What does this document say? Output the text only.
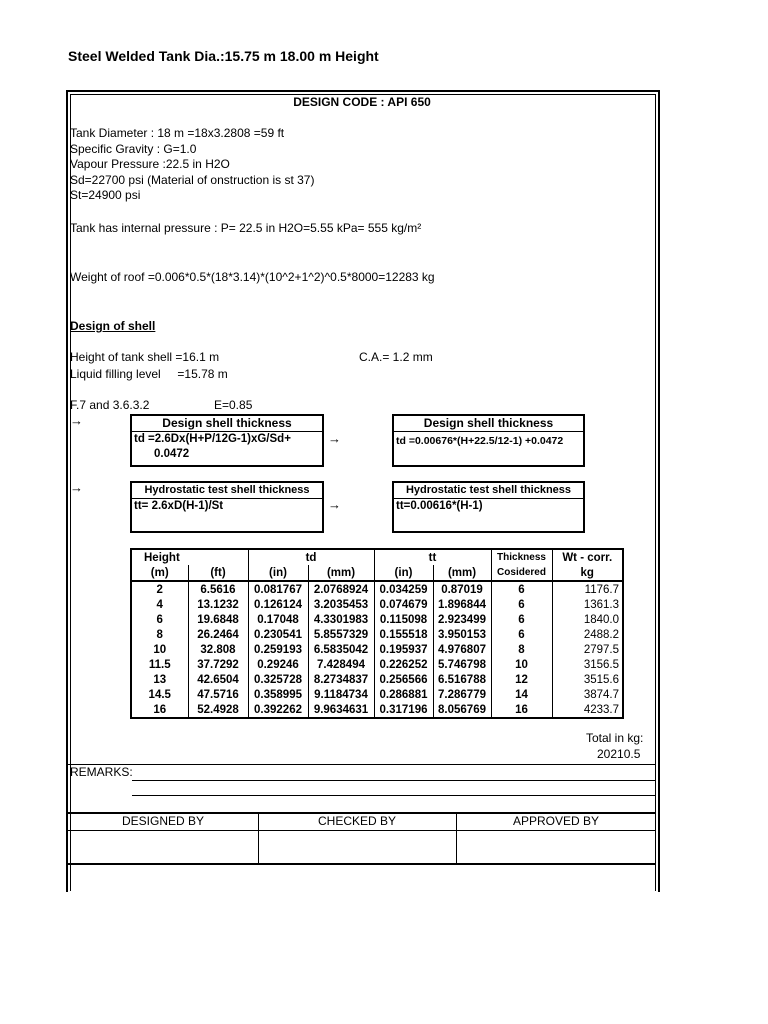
Steel Welded Tank Dia.:15.75 m 18.00 m Height
DESIGN CODE : API 650
Tank Diameter : 18 m =18x3.2808 =59 ft
Specific Gravity : G=1.0
Vapour Pressure :22.5 in H2O
Sd=22700 psi (Material of onstruction is st 37)
St=24900 psi
Tank has internal pressure : P= 22.5 in H2O=5.55 kPa= 555 kg/m²
Weight of roof =0.006*0.5*(18*3.14)*(10^2+1^2)^0.5*8000=12283 kg
Design of shell
Height of tank shell =16.1 m	C.A.= 1.2 mm
Liquid filling level     =15.78 m
F.7 and 3.6.3.2	E=0.85
→
→
→
→
Design shell thickness
td =2.6Dx(H+P/12G-1)xG/Sd+
0.0472
Design shell thickness
td =0.00676*(H+22.5/12-1) +0.0472
Hydrostatic test shell thickness
tt= 2.6xD(H-1)/St
Hydrostatic test shell thickness
tt=0.00616*(H-1)
Height		td		tt		Thickness	Wt - corr.
(m)	(ft)	(in)	(mm)	(in)	(mm)	Cosidered	kg
2	6.5616	0.081767	2.0768924	0.034259	0.87019	6	1176.7
4	13.1232	0.126124	3.2035453	0.074679	1.896844	6	1361.3
6	19.6848	0.17048	4.3301983	0.115098	2.923499	6	1840.0
8	26.2464	0.230541	5.8557329	0.155518	3.950153	6	2488.2
10	32.808	0.259193	6.5835042	0.195937	4.976807	8	2797.5
11.5	37.7292	0.29246	7.428494	0.226252	5.746798	10	3156.5
13	42.6504	0.325728	8.2734837	0.256566	6.516788	12	3515.6
14.5	47.5716	0.358995	9.1184734	0.286881	7.286779	14	3874.7
16	52.4928	0.392262	9.9634631	0.317196	8.056769	16	4233.7
Total in kg:
20210.5
REMARKS:
DESIGNED BY	CHECKED BY	APPROVED BY
